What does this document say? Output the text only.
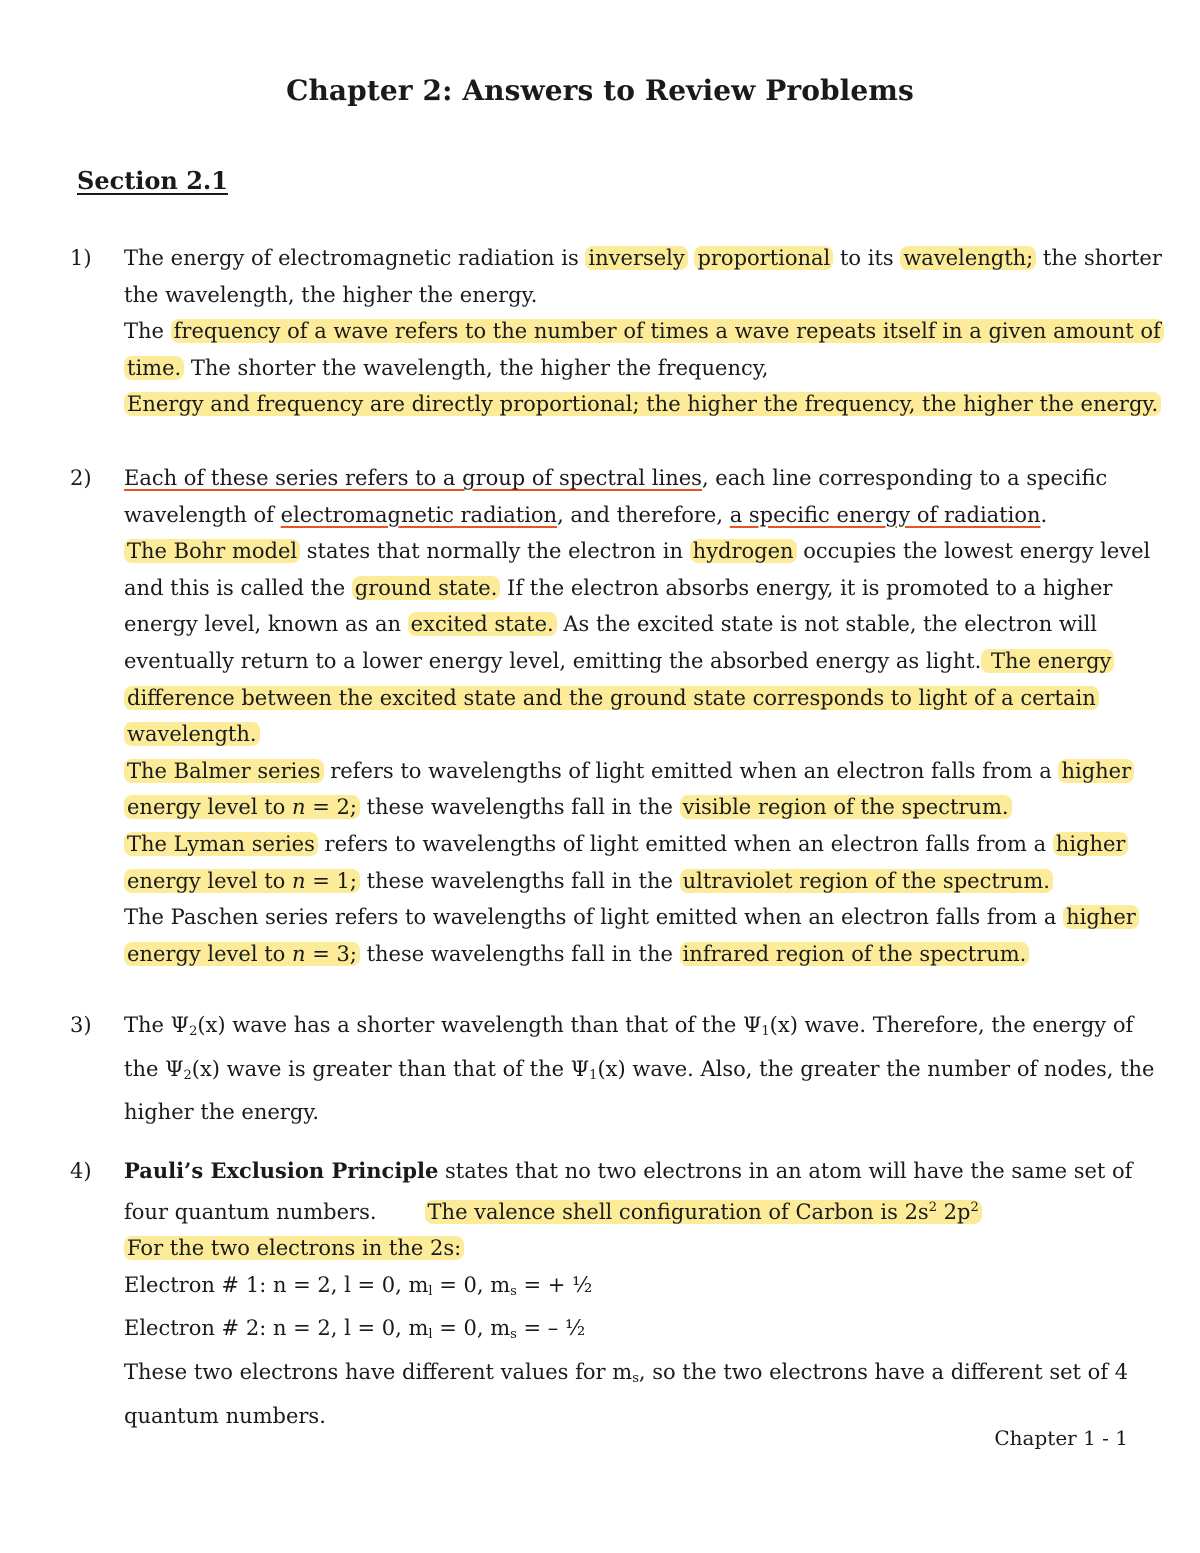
Chapter 2: Answers to Review Problems
Section 2.1
1) The energy of electromagnetic radiation is inversely proportional to its wavelength; the shorter
the wavelength, the higher the energy.
The frequency of a wave refers to the number of times a wave repeats itself in a given amount of
time. The shorter the wavelength, the higher the frequency,
Energy and frequency are directly proportional; the higher the frequency, the higher the energy.
2) Each of these series refers to a group of spectral lines, each line corresponding to a specific
wavelength of electromagnetic radiation, and therefore, a specific energy of radiation.
The Bohr model states that normally the electron in hydrogen occupies the lowest energy level
and this is called the ground state. If the electron absorbs energy, it is promoted to a higher
energy level, known as an excited state. As the excited state is not stable, the electron will
eventually return to a lower energy level, emitting the absorbed energy as light. The energy
difference between the excited state and the ground state corresponds to light of a certain
wavelength.
The Balmer series refers to wavelengths of light emitted when an electron falls from a higher
energy level to n = 2; these wavelengths fall in the visible region of the spectrum.
The Lyman series refers to wavelengths of light emitted when an electron falls from a higher
energy level to n = 1; these wavelengths fall in the ultraviolet region of the spectrum.
The Paschen series refers to wavelengths of light emitted when an electron falls from a higher
energy level to n = 3; these wavelengths fall in the infrared region of the spectrum.
3) The $\Psi_2(x)$ wave has a shorter wavelength than that of the $\Psi_1(x)$ wave. Therefore, the energy of
the $\Psi_2(x)$ wave is greater than that of the $\Psi_1(x)$ wave. Also, the greater the number of nodes, the
higher the energy.
4) Pauli’s Exclusion Principle states that no two electrons in an atom will have the same set of
four quantum numbers. The valence shell configuration of Carbon is $2s^2$ $2p^2$
For the two electrons in the 2s:
Electron # 1: n = 2, l = 0, $m_l = 0$, $m_s$ = + ½
Electron # 2: n = 2, l = 0, $m_l = 0$, $m_s$ = – ½
These two electrons have different values for $m_s$, so the two electrons have a different set of 4
quantum numbers.
Chapter 1 - 1
